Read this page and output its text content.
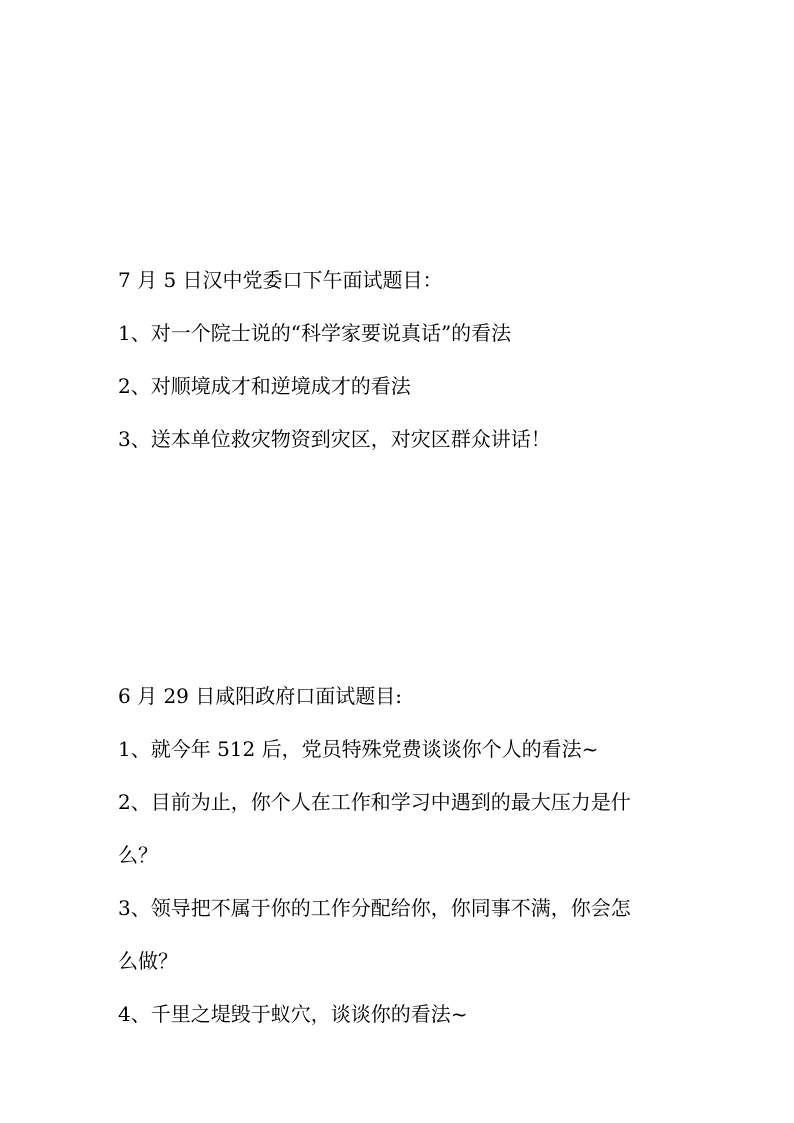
7 月 5 日汉中党委口下午面试题目：
1、对一个院士说的“科学家要说真话”的看法
2、对顺境成才和逆境成才的看法
3、送本单位救灾物资到灾区，对灾区群众讲话！
6 月 29 日咸阳政府口面试题目:
1、就今年 512 后，党员特殊党费谈谈你个人的看法~
2、目前为止，你个人在工作和学习中遇到的最大压力是什
么？
3、领导把不属于你的工作分配给你，你同事不满，你会怎
么做？
4、千里之堤毁于蚁穴，谈谈你的看法~
